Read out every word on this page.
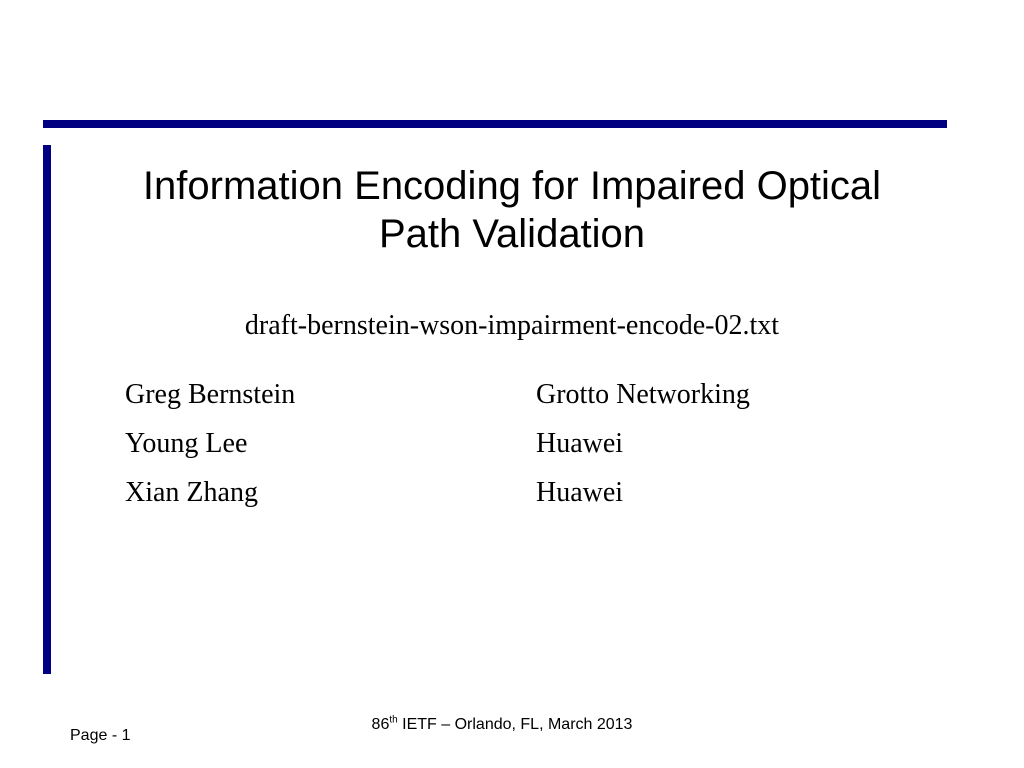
Information Encoding for Impaired Optical
Path Validation
draft-bernstein-wson-impairment-encode-02.txt
Greg Bernstein	Grotto Networking
Young Lee	Huawei
Xian Zhang	Huawei
Page - 1
86th IETF – Orlando, FL, March 2013
